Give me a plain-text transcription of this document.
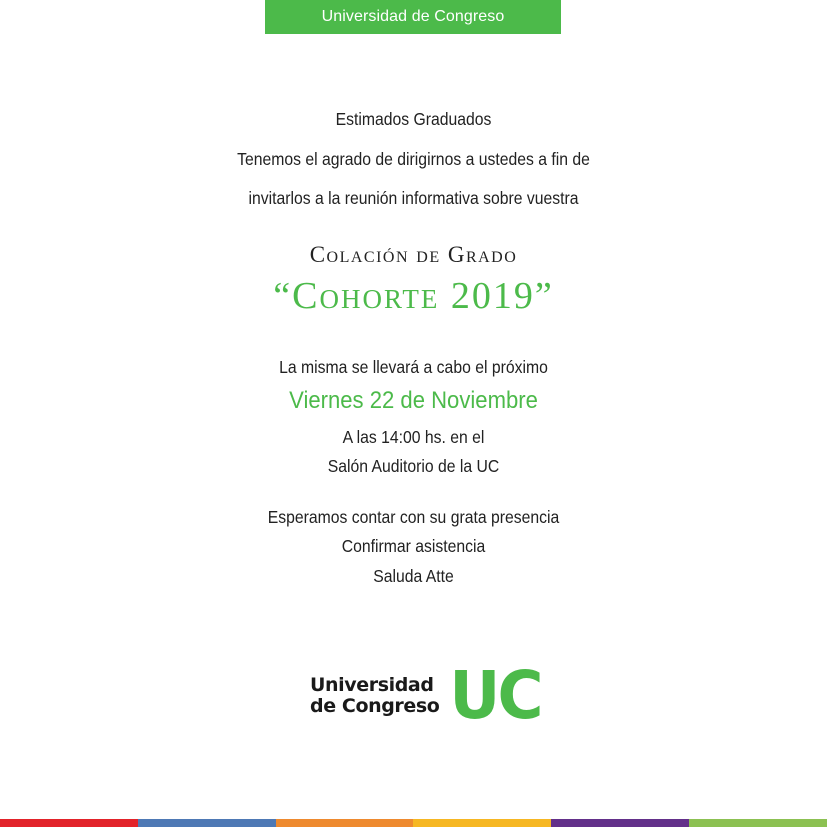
Universidad de Congreso
Estimados Graduados
Tenemos el agrado de dirigirnos a ustedes a fin de
invitarlos a la reunión informativa sobre vuestra
Colación de Grado
“Cohorte 2019”
La misma se llevará a cabo el próximo
Viernes 22 de Noviembre
A las 14:00 hs. en el
Salón Auditorio de la UC
Esperamos contar con su grata presencia
Confirmar asistencia
Saluda Atte
Universidad
de Congreso UC
